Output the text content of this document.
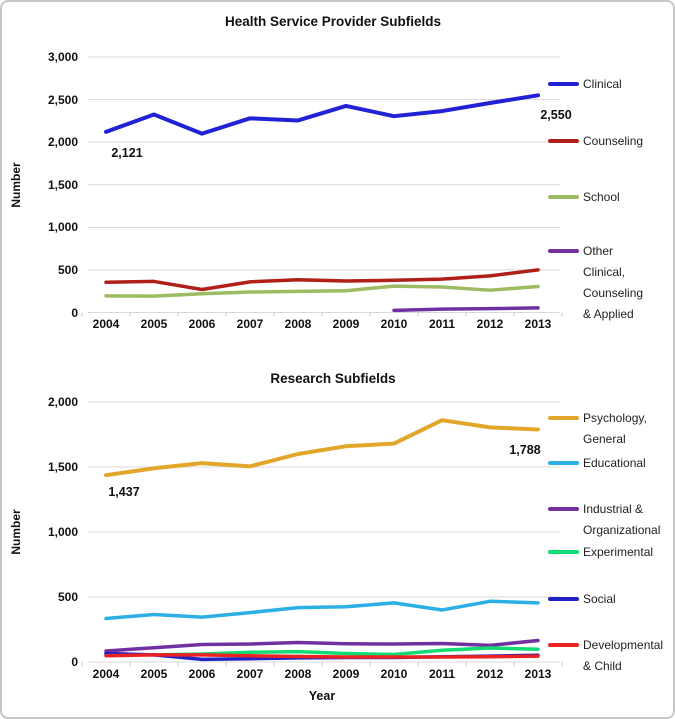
Health Service Provider Subfields
Number
Research Subfields
Number
Year
0
500
1,000
1,500
2,000
2,500
3,000
2004 2005 2006 2007 2008 2009 2010 2011 2012 2013
Clinical
Counseling
School
Other
Clinical,
Counseling
& Applied
2,121
2,550
0
500
1,000
1,500
2,000
2004 2005 2006 2007 2008 2009 2010 2011 2012 2013
Psychology,
General
Educational
Industrial &
Organizational
Experimental
Social
Developmental
& Child
1,437
1,788
